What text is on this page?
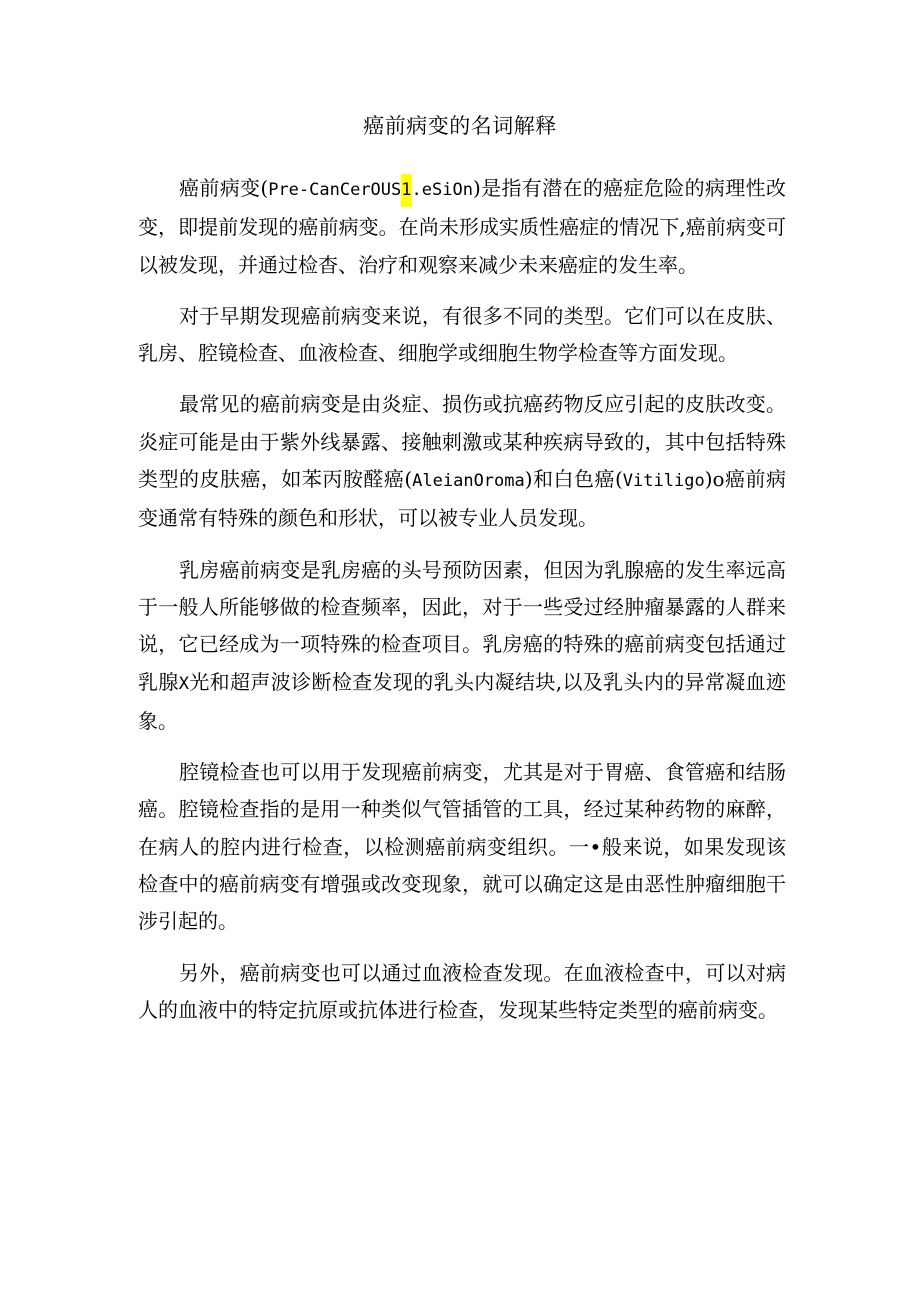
癌前病变的名词解释

癌前病变(Pre-CanCerOUS1.eSiOn)是指有潜在的癌症危险的病理性改变，即提前发现的癌前病变。在尚未形成实质性癌症的情况下,癌前病变可以被发现，并通过检杳、治疗和观察来减少未来癌症的发生率。

对于早期发现癌前病变来说，有很多不同的类型。它们可以在皮肤、乳房、腔镜检查、血液检查、细胞学或细胞生物学检查等方面发现。

最常见的癌前病变是由炎症、损伤或抗癌药物反应引起的皮肤改变。炎症可能是由于紫外线暴露、接触刺激或某种疾病导致的，其中包括特殊类型的皮肤癌，如苯丙胺醛癌(AleianOroma)和白色癌(Vitiligo)o癌前病变通常有特殊的颜色和形状，可以被专业人员发现。

乳房癌前病变是乳房癌的头号预防因素，但因为乳腺癌的发生率远高于一般人所能够做的检查频率，因此，对于一些受过经肿瘤暴露的人群来说，它已经成为一项特殊的检查项目。乳房癌的特殊的癌前病变包括通过乳腺X光和超声波诊断检查发现的乳头内凝结块,以及乳头内的异常凝血迹象。

腔镜检查也可以用于发现癌前病变，尤其是对于胃癌、食管癌和结肠癌。腔镜检查指的是用一种类似气管插管的工具，经过某种药物的麻醉，在病人的腔内进行检查，以检测癌前病变组织。一•般来说，如果发现该检查中的癌前病变有增强或改变现象，就可以确定这是由恶性肿瘤细胞干涉引起的。

另外，癌前病变也可以通过血液检查发现。在血液检查中，可以对病人的血液中的特定抗原或抗体进行检查，发现某些特定类型的癌前病变。
